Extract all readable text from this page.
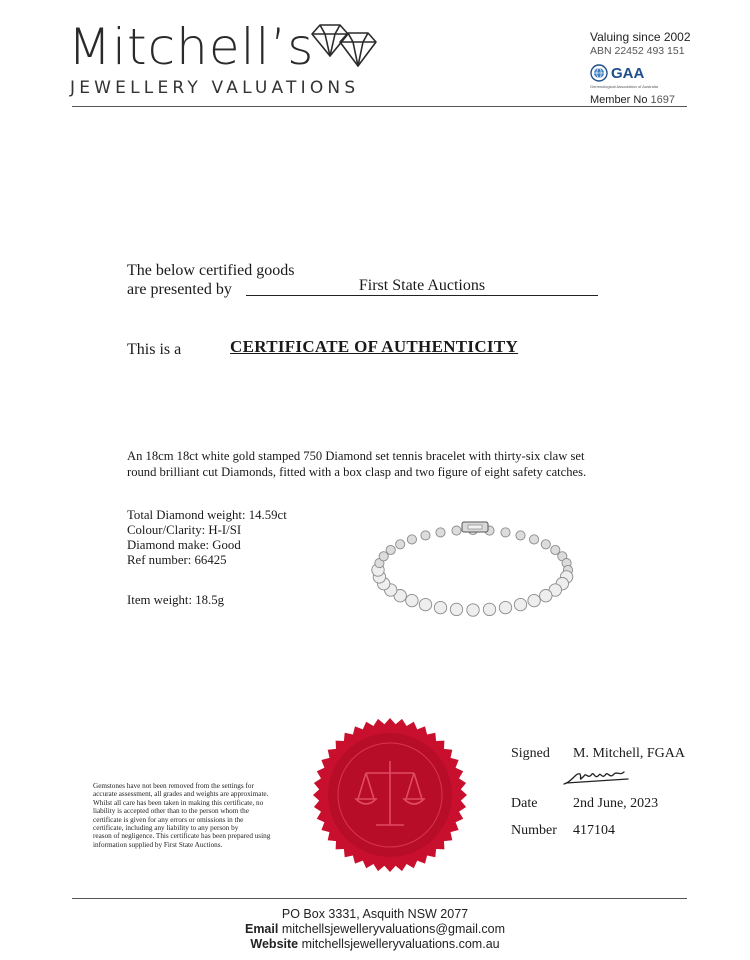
Mitchell’s
JEWELLERY VALUATIONS
Valuing since 2002
ABN 22452 493 151
GAA
Gemmological Association of Australia
Member No 1697
The below certified goods
are presented by	First State Auctions
This is a	CERTIFICATE OF AUTHENTICITY
An 18cm 18ct white gold stamped 750 Diamond set tennis bracelet with thirty-six claw set
round brilliant cut Diamonds, fitted with a box clasp and two figure of eight safety catches.
Total Diamond weight: 14.59ct
Colour/Clarity: H-I/SI
Diamond make: Good
Ref number: 66425
Item weight: 18.5g
Gemstones have not been removed from the settings for
accurate assessment, all grades and weights are approximate.
Whilst all care has been taken in making this certificate, no
liability is accepted other than to the person whom the
certificate is given for any errors or omissions in the
certificate, including any liability to any person by
reason of negligence. This certificate has been prepared using
information supplied by First State Auctions.
Signed M. Mitchell, FGAA
Date	2nd June, 2023
Number 417104
PO Box 3331, Asquith NSW 2077
Email mitchellsjewelleryvaluations@gmail.com
Website mitchellsjewelleryvaluations.com.au
